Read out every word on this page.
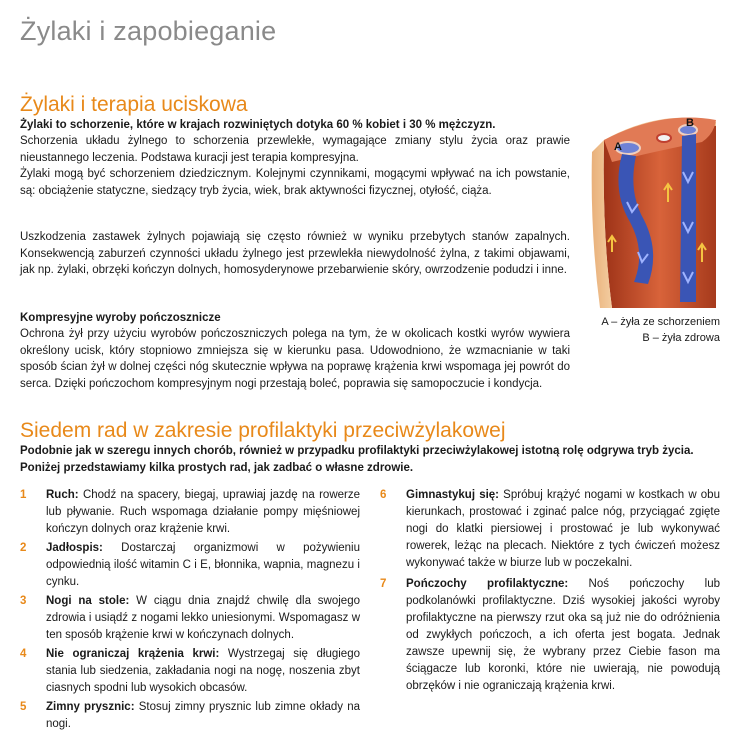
Żylaki i zapobieganie
Żylaki i terapia uciskowa
Żylaki to schorzenie, które w krajach rozwiniętych dotyka 60 % kobiet i 30 % mężczyzn.

Schorzenia układu żylnego to schorzenia przewlekłe, wymagające zmiany stylu życia oraz prawie nieustannego leczenia. Podstawa kuracji jest terapia kompresyjna.

Żylaki mogą być schorzeniem dziedzicznym. Kolejnymi czynnikami, mogącymi wpływać na ich powstanie, są: obciążenie statyczne, siedzący tryb życia, wiek, brak aktywności fizycznej, otyłość, ciąża.

Uszkodzenia zastawek żylnych pojawiają się często również w wyniku przebytych stanów zapalnych. Konsekwencją zaburzeń czynności układu żylnego jest przewlekła niewydolność żylna, z takimi objawami, jak np. żylaki, obrzęki kończyn dolnych, homosyderynowe przebarwienie skóry, owrzodzenie podudzi i inne.
Kompresyjne wyroby pończosznicze
Ochrona żył przy użyciu wyrobów pończoszniczych polega na tym, że w okolicach kostki wyrów wywiera określony ucisk, który stopniowo zmniejsza się w kierunku pasa. Udowodniono, że wzmacnianie w taki sposób ścian żył w dolnej części nóg skutecznie wpływa na poprawę krążenia krwi wspomaga jej powrót do serca. Dzięki pończochom kompresyjnym nogi przestają boleć, poprawia się samopoczucie i kondycja.
A
B
A – żyła ze schorzeniem
B – żyła zdrowa
Siedem rad w zakresie profilaktyki przeciwżylakowej
Podobnie jak w szeregu innych chorób, również w przypadku profilaktyki przeciwżylakowej istotną rolę odgrywa tryb życia. Poniżej przedstawiamy kilka prostych rad, jak zadbać o własne zdrowie.
1 Ruch: Chodź na spacery, biegaj, uprawiaj jazdę na rowerze lub pływanie. Ruch wspomaga działanie pompy mięśniowej kończyn dolnych oraz krążenie krwi.
2 Jadłospis: Dostarczaj organizmowi w pożywieniu odpowiednią ilość witamin C i E, błonnika, wapnia, magnezu i cynku.
3 Nogi na stole: W ciągu dnia znajdź chwilę dla swojego zdrowia i usiądź z nogami lekko uniesionymi. Wspomagasz w ten sposób krążenie krwi w kończynach dolnych.
4 Nie ograniczaj krążenia krwi: Wystrzegaj się długiego stania lub siedzenia, zakładania nogi na nogę, noszenia zbyt ciasnych spodni lub wysokich obcasów.
5 Zimny prysznic: Stosuj zimny prysznic lub zimne okłady na nogi.
6 Gimnastykuj się: Spróbuj krążyć nogami w kostkach w obu kierunkach, prostować i zginać palce nóg, przyciągać zgięte nogi do klatki piersiowej i prostować je lub wykonywać rowerek, leżąc na plecach. Niektóre z tych ćwiczeń możesz wykonywać także w biurze lub w poczekalni.
7 Pończochy profilaktyczne: Noś pończochy lub podkolanówki profilaktyczne. Dziś wysokiej jakości wyroby profilaktyczne na pierwszy rzut oka są już nie do odróżnienia od zwykłych pończoch, a ich oferta jest bogata. Jednak zawsze upewnij się, że wybrany przez Ciebie fason ma ściągacze lub koronki, które nie uwierają, nie powodują obrzęków i nie ograniczają krążenia krwi.
